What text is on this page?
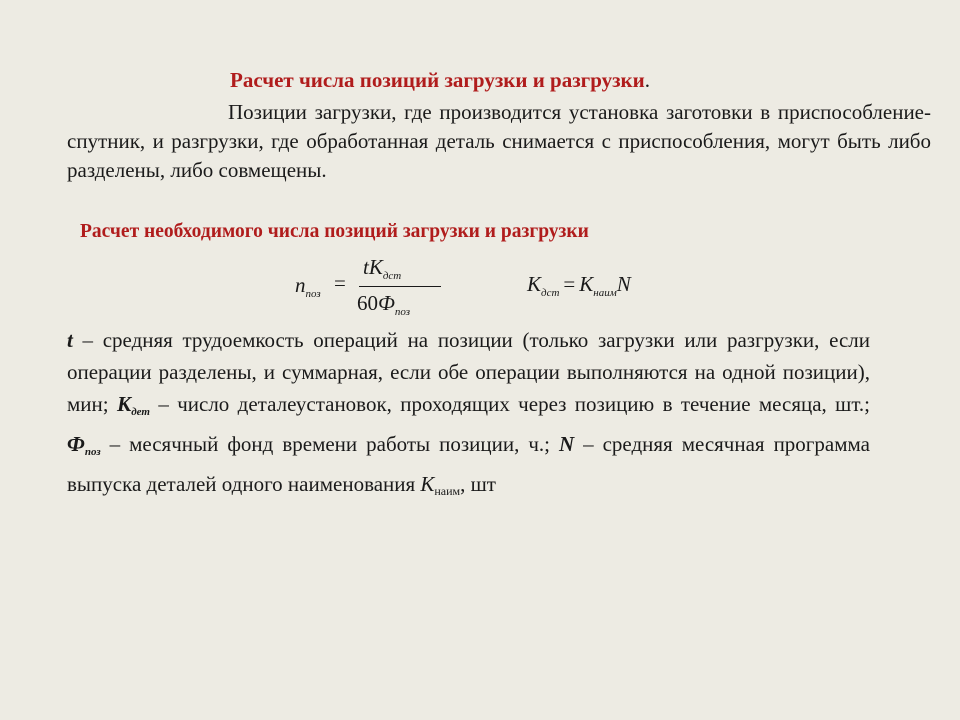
Расчет числа позиций загрузки и разгрузки.
Позиции загрузки, где производится установка заготовки в приспособление-спутник, и разгрузки, где обработанная деталь снимается с приспособления, могут быть либо разделены, либо совмещены.
Расчет необходимого числа позиций загрузки и разгрузки
$n_{поз}$ =
$tK_{дст}$
$60Ф_{поз}$
$K_{дст} = K_{наим}N$
t – средняя трудоемкость операций на позиции (только загрузки или разгрузки, если операции разделены, и суммарная, если обе операции выполняются на одной позиции), мин; Кдет – число деталеустановок, проходящих через позицию в течение месяца, шт.; Фпоз – месячный фонд времени работы позиции, ч.; N – средняя месячная программа выпуска деталей одного наименования Кнаим, шт
